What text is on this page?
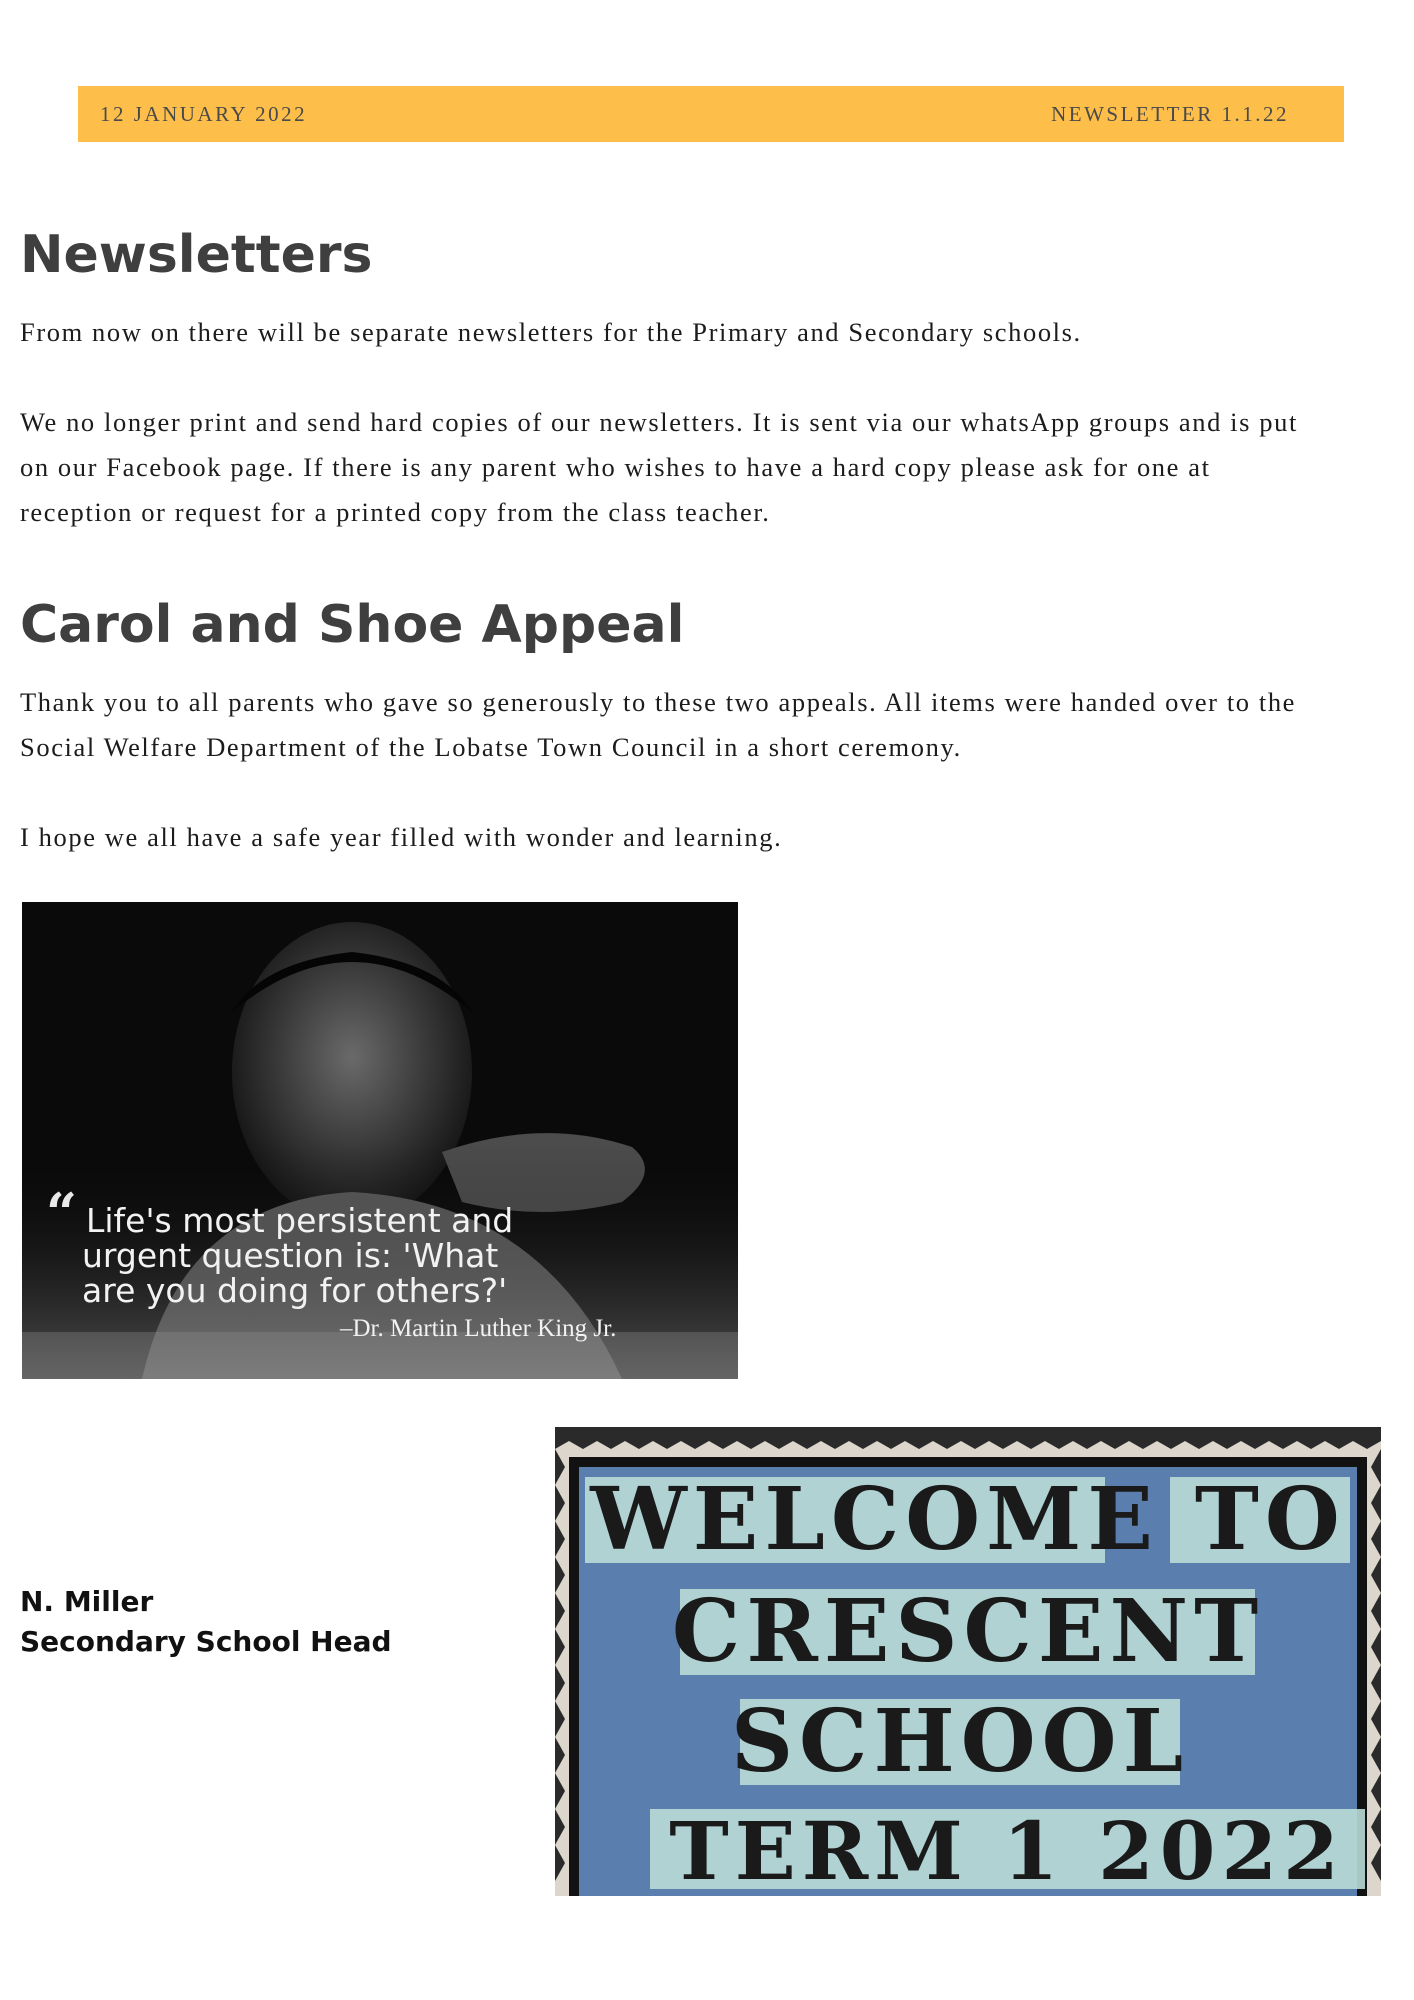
12 JANUARY 2022	NEWSLETTER 1.1.22
Newsletters

From now on there will be separate newsletters for the Primary and Secondary schools.

We no longer print and send hard copies of our newsletters. It is sent via our whatsApp groups and is put

on our Facebook page. If there is any parent who wishes to have a hard copy please ask for one at

reception or request for a printed copy from the class teacher.

Carol and Shoe Appeal

Thank you to all parents who gave so generously to these two appeals. All items were handed over to the

Social Welfare Department of the Lobatse Town Council in a short ceremony.

I hope we all have a safe year filled with wonder and learning.

“ Life's most persistent and
urgent question is: 'What
are you doing for others?'
–Dr. Martin Luther King Jr.
N. Miller
Secondary School Head
WELCOME TO
CRESCENT
SCHOOL
TERM 1 2022
